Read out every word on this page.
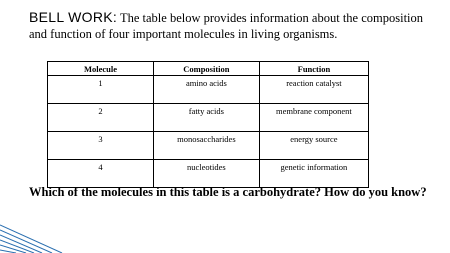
BELL WORK: The table below provides information about the composition and function of four important molecules in living organisms.
Molecule	Composition	Function
1	amino acids	reaction catalyst
2	fatty acids	membrane component
3	monosaccharides	energy source
4	nucleotides	genetic information
Which of the molecules in this table is a carbohydrate? How do you know?
